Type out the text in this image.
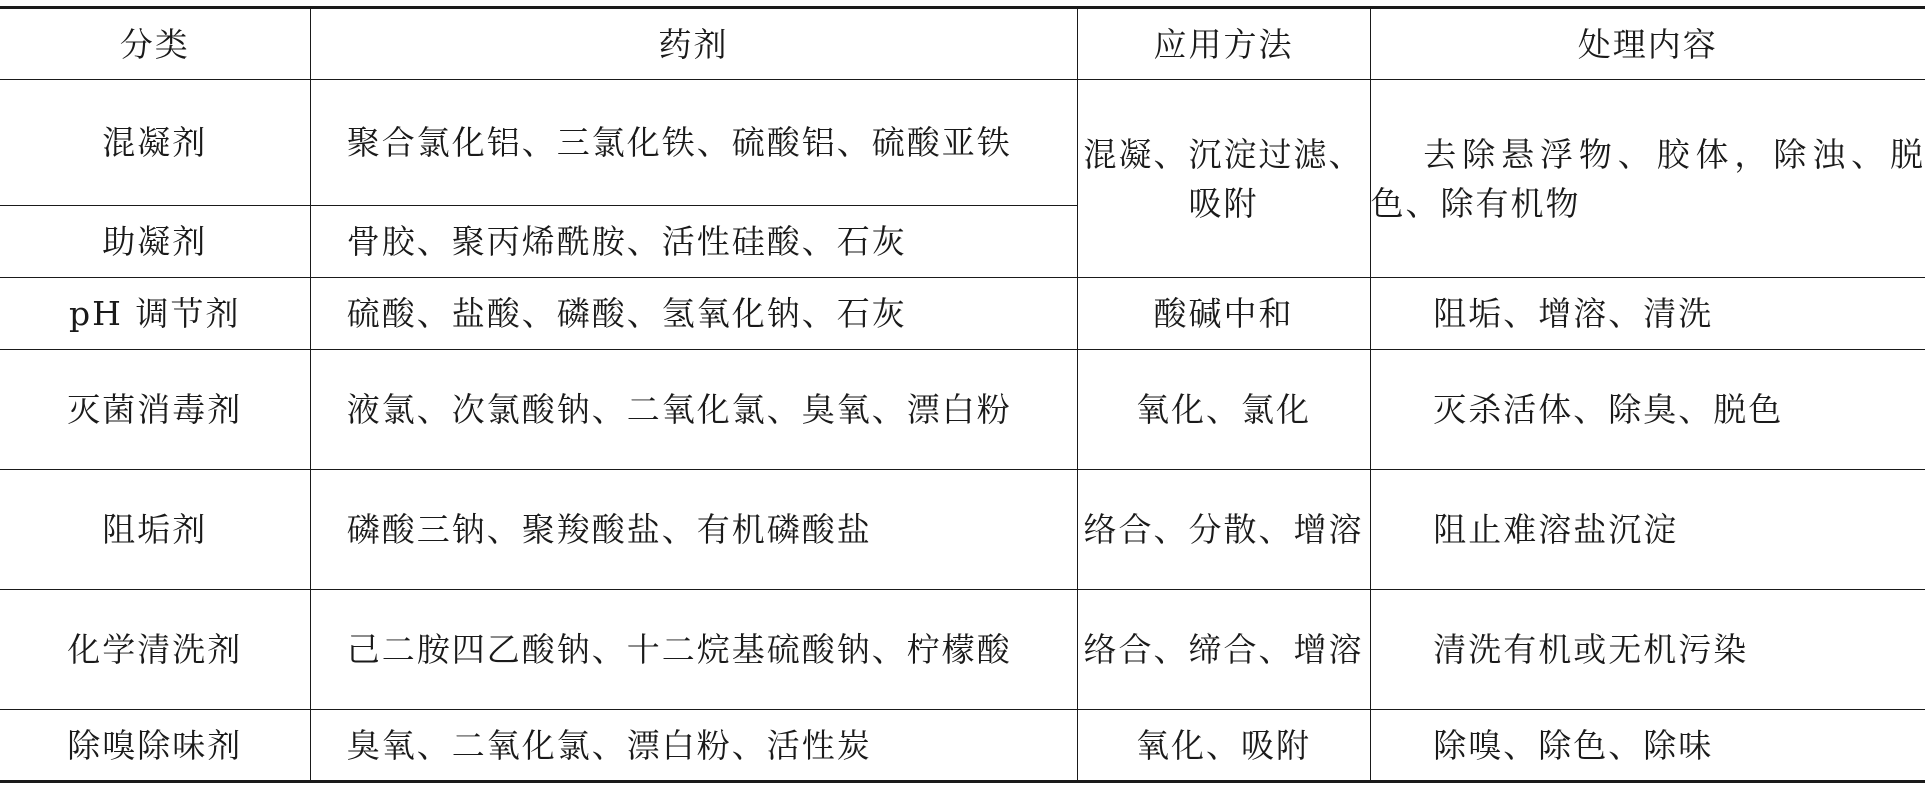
分类	药剂	应用方法	处理内容
混凝剂	聚合氯化铝、三氯化铁、硫酸铝、硫酸亚铁	混凝、沉淀过滤、吸附	去除悬浮物、胶体，除浊、脱色、除有机物
助凝剂	骨胶、聚丙烯酰胺、活性硅酸、石灰		
pH 调节剂	硫酸、盐酸、磷酸、氢氧化钠、石灰	酸碱中和	阻垢、增溶、清洗
灭菌消毒剂	液氯、次氯酸钠、二氧化氯、臭氧、漂白粉	氧化、氯化	灭杀活体、除臭、脱色
阻垢剂	磷酸三钠、聚羧酸盐、有机磷酸盐	络合、分散、增溶	阻止难溶盐沉淀
化学清洗剂	己二胺四乙酸钠、十二烷基硫酸钠、柠檬酸	络合、缔合、增溶	清洗有机或无机污染
除嗅除味剂	臭氧、二氧化氯、漂白粉、活性炭	氧化、吸附	除嗅、除色、除味
